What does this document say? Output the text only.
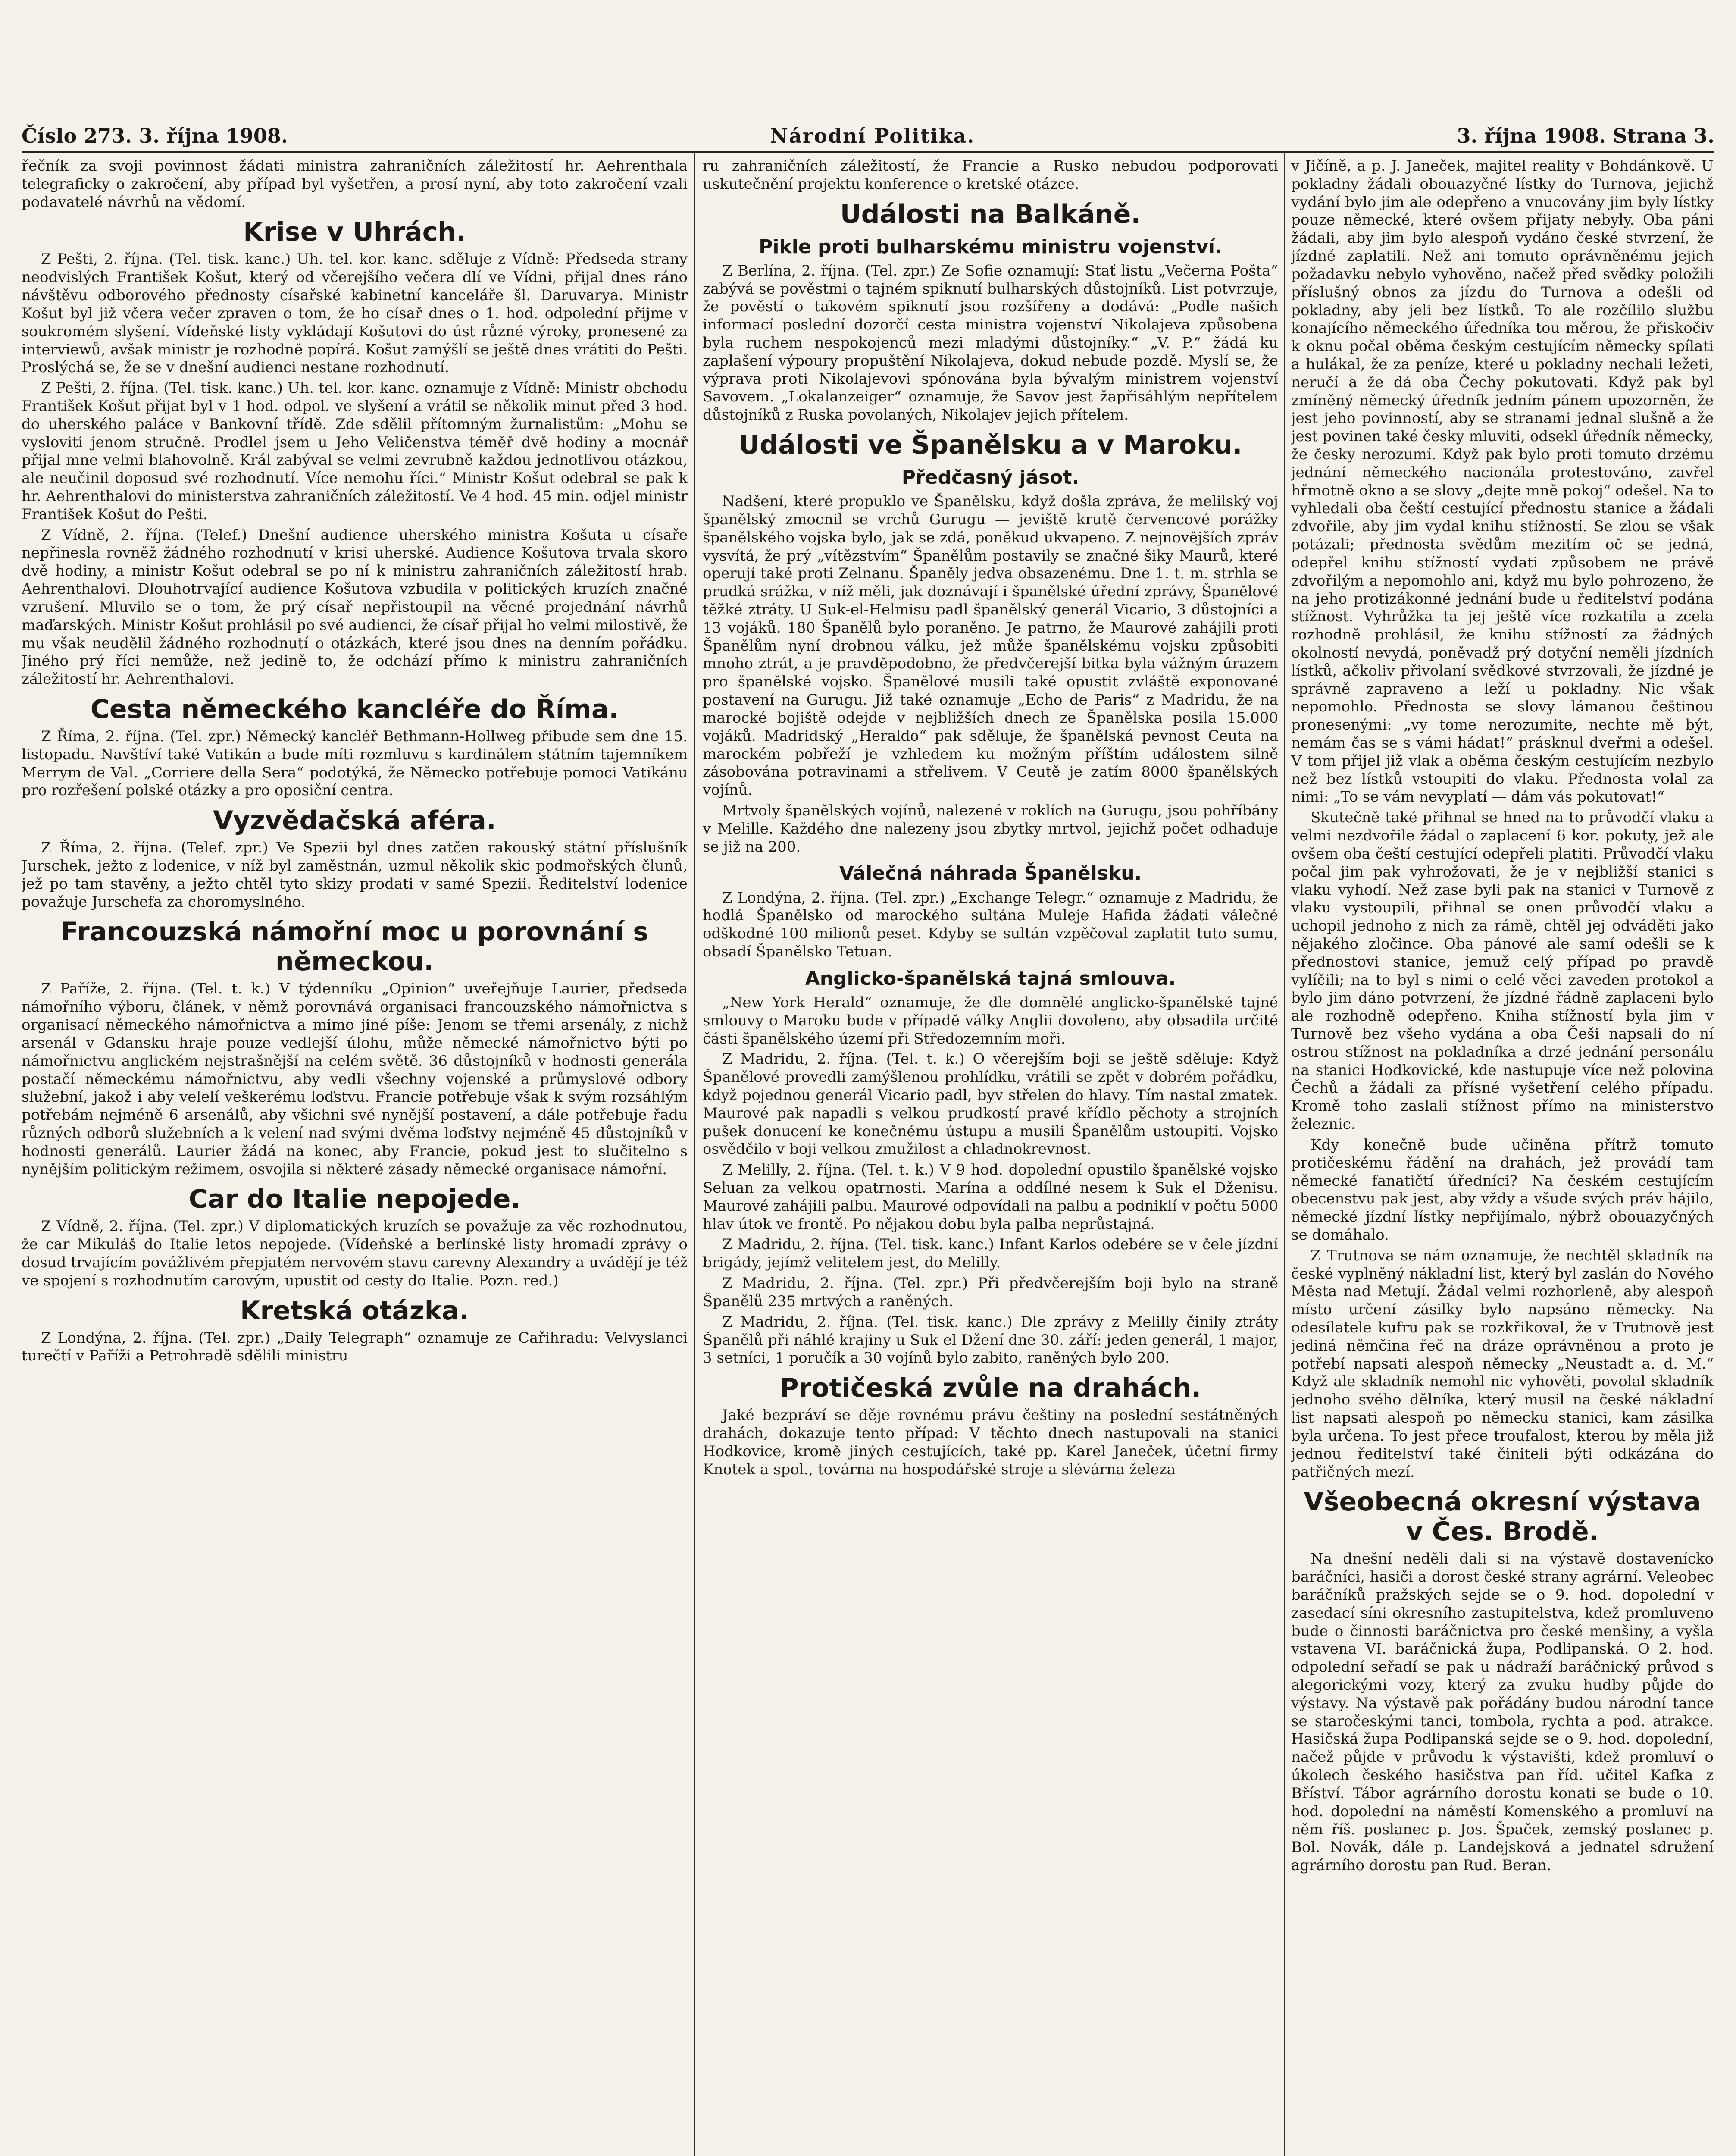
Číslo 273. 3. října 1908.	Národní Politika.	3. října 1908. Strana 3.

řečník za svoji povinnost žádati ministra zahraničních záležitostí hr. Aehrenthala telegraficky o zakročení, aby případ byl vyšetřen, a prosí nyní, aby toto zakročení vzali podavatelé návrhů na vědomí.

Krise v Uhrách.

Z Pešti, 2. října. (Tel. tisk. kanc.) Uh. tel. kor. kanc. sděluje z Vídně: Předseda strany neodvislých František Košut, který od včerejšího večera dlí ve Vídni, přijal dnes ráno návštěvu odborového přednosty císařské kabinetní kanceláře šl. Daruvarya. Ministr Košut byl již včera večer zpraven o tom, že ho císař dnes o 1. hod. odpolední přijme v soukromém slyšení. Vídeňské listy vykládají Košutovi do úst různé výroky, pronesené za interviewů, avšak ministr je rozhodně popírá. Košut zamýšlí se ještě dnes vrátiti do Pešti. Proslýchá se, že se v dnešní audienci nestane rozhodnutí.

Z Pešti, 2. října. (Tel. tisk. kanc.) Uh. tel. kor. kanc. oznamuje z Vídně: Ministr obchodu František Košut přijat byl v 1 hod. odpol. ve slyšení a vrátil se několik minut před 3 hod. do uherského paláce v Bankovní třídě. Zde sdělil přítomným žurnalistům: „Mohu se vysloviti jenom stručně. Prodlel jsem u Jeho Veličenstva téměř dvě hodiny a mocnář přijal mne velmi blahovolně. Král zabýval se velmi zevrubně každou jednotlivou otázkou, ale neučinil doposud své rozhodnutí. Více nemohu říci.“ Ministr Košut odebral se pak k hr. Aehrenthalovi do ministerstva zahraničních záležitostí. Ve 4 hod. 45 min. odjel ministr František Košut do Pešti.

Z Vídně, 2. října. (Telef.) Dnešní audience uherského ministra Košuta u císaře nepřinesla rovněž žádného rozhodnutí v krisi uherské. Audience Košutova trvala skoro dvě hodiny, a ministr Košut odebral se po ní k ministru zahraničních záležitostí hrab. Aehrenthalovi. Dlouhotrvající audience Košutova vzbudila v politických kruzích značné vzrušení. Mluvilo se o tom, že prý císař nepřistoupil na věcné projednání návrhů maďarských. Ministr Košut prohlásil po své audienci, že císař přijal ho velmi milostivě, že mu však neudělil žádného rozhodnutí o otázkách, které jsou dnes na denním pořádku. Jiného prý říci nemůže, než jedině to, že odchází přímo k ministru zahraničních záležitostí hr. Aehrenthalovi.

Cesta německého kancléře do Říma.

Z Říma, 2. října. (Tel. zpr.) Německý kancléř Bethmann-Hollweg přibude sem dne 15. listopadu. Navštíví také Vatikán a bude míti rozmluvu s kardinálem státním tajemníkem Merrym de Val. „Corriere della Sera“ podotýká, že Německo potřebuje pomoci Vatikánu pro rozřešení polské otázky a pro oposiční centra.

Vyzvědačská aféra.

Z Říma, 2. října. (Telef. zpr.) Ve Spezii byl dnes zatčen rakouský státní příslušník Jurschek, ježto z lodenice, v níž byl zaměstnán, uzmul několik skic podmořských člunů, jež po tam stavěny, a ježto chtěl tyto skizy prodati v samé Spezii. Ředitelství lodenice považuje Jurschefa za choromyslného.

Francouzská námořní moc u porovnání s německou.

Z Paříže, 2. října. (Tel. t. k.) V týdenníku „Opinion“ uveřejňuje Laurier, předseda námořního výboru, článek, v němž porovnává organisaci francouzského námořnictva s organisací německého námořnictva a mimo jiné píše: Jenom se třemi arsenály, z nichž arsenál v Gdansku hraje pouze vedlejší úlohu, může německé námořnictvo býti po námořnictvu anglickém nejstrašnější na celém světě. 36 důstojníků v hodnosti generála postačí německému námořnictvu, aby vedli všechny vojenské a průmyslové odbory služební, jakož i aby velelí veškerému loďstvu. Francie potřebuje však k svým rozsáhlým potřebám nejméně 6 arsenálů, aby všichni své nynější postavení, a dále potřebuje řadu různých odborů služebních a k velení nad svými dvěma loďstvy nejméně 45 důstojníků v hodnosti generálů. Laurier žádá na konec, aby Francie, pokud jest to slučitelno s nynějším politickým režimem, osvojila si některé zásady německé organisace námořní.

Car do Italie nepojede.

Z Vídně, 2. října. (Tel. zpr.) V diplomatických kruzích se považuje za věc rozhodnutou, že car Mikuláš do Italie letos nepojede. (Vídeňské a berlínské listy hromadí zprávy o dosud trvajícím povážlivém přepjatém nervovém stavu carevny Alexandry a uvádějí je též ve spojení s rozhodnutím carovým, upustit od cesty do Italie. Pozn. red.)

Kretská otázka.

Z Londýna, 2. října. (Tel. zpr.) „Daily Telegraph“ oznamuje ze Cařihradu: Velvyslanci turečtí v Paříži a Petrohradě sdělili ministru

ru zahraničních záležitostí, že Francie a Rusko nebudou podporovati uskutečnění projektu konference o kretské otázce.

Události na Balkáně.
Pikle proti bulharskému ministru vojenství.

Z Berlína, 2. října. (Tel. zpr.) Ze Sofie oznamují: Stať listu „Večerna Pošta“ zabývá se pověstmi o tajném spiknutí bulharských důstojníků. List potvrzuje, že pověstí o takovém spiknutí jsou rozšířeny a dodává: „Podle našich informací poslední dozorčí cesta ministra vojenství Nikolajeva způsobena byla ruchem nespokojenců mezi mladými důstojníky.“ „V. P.“ žádá ku zaplašení výpoury propuštění Nikolajeva, dokud nebude pozdě. Myslí se, že výprava proti Nikolajevovi spónována byla bývalým ministrem vojenství Savovem. „Lokalanzeiger“ oznamuje, že Savov jest žapřisáhlým nepřítelem důstojníků z Ruska povolaných, Nikolajev jejich přítelem.

Události ve Španělsku a v Maroku.
Předčasný jásot.

Nadšení, které propuklo ve Španělsku, když došla zpráva, že melilský voj španělský zmocnil se vrchů Gurugu — jeviště krutě červencové porážky španělského vojska bylo, jak se zdá, poněkud ukvapeno. Z nejnovějších zpráv vysvítá, že prý „vítězstvím“ Španělům postavily se značné šiky Maurů, které operují také proti Zelnanu. Španěly jedva obsazenému. Dne 1. t. m. strhla se prudká srážka, v níž měli, jak doznávají i španělské úřední zprávy, Španělové těžké ztráty. U Suk-el-Helmisu padl španělský generál Vicario, 3 důstojníci a 13 vojáků. 180 Španělů bylo poraněno. Je patrno, že Maurové zahájili proti Španělům nyní drobnou válku, jež může španělskému vojsku způsobiti mnoho ztrát, a je pravděpodobno, že předvčerejší bitka byla vážným úrazem pro španělské vojsko. Španělové musili také opustit zvláště exponované postavení na Gurugu. Již také oznamuje „Echo de Paris“ z Madridu, že na marocké bojiště odejde v nejbližších dnech ze Španělska posila 15.000 vojáků. Madridský „Heraldo“ pak sděluje, že španělská pevnost Ceuta na marockém pobřeží je vzhledem ku možným příštím událostem silně zásobována potravinami a střelivem. V Ceutě je zatím 8000 španělských vojínů.

Mrtvoly španělských vojínů, nalezené v roklích na Gurugu, jsou pohříbány v Melille. Každého dne nalezeny jsou zbytky mrtvol, jejichž počet odhaduje se již na 200.

Válečná náhrada Španělsku.

Z Londýna, 2. října. (Tel. zpr.) „Exchange Telegr.“ oznamuje z Madridu, že hodlá Španělsko od marockého sultána Muleje Hafida žádati válečné odškodné 100 milionů peset. Kdyby se sultán vzpěčoval zaplatit tuto sumu, obsadí Španělsko Tetuan.

Anglicko-španělská tajná smlouva.

„New York Herald“ oznamuje, že dle domnělé anglicko-španělské tajné smlouvy o Maroku bude v případě války Anglii dovoleno, aby obsadila určité části španělského území při Středozemním moři.

Z Madridu, 2. října. (Tel. t. k.) O včerejším boji se ještě sděluje: Když Španělové provedli zamýšlenou prohlídku, vrátili se zpět v dobrém pořádku, když pojednou generál Vicario padl, byv střelen do hlavy. Tím nastal zmatek. Maurové pak napadli s velkou prudkostí pravé křídlo pěchoty a strojních pušek donucení ke konečnému ústupu a musili Španělům ustoupiti. Vojsko osvědčilo v boji velkou zmužilost a chladnokrevnost.

Z Melilly, 2. října. (Tel. t. k.) V 9 hod. dopolední opustilo španělské vojsko Seluan za velkou opatrnosti. Marína a oddílné nesem k Suk el Dženisu. Maurové zahájili palbu. Maurové odpovídali na palbu a podniklí v počtu 5000 hlav útok ve frontě. Po nějakou dobu byla palba neprůstajná.

Z Madridu, 2. října. (Tel. tisk. kanc.) Infant Karlos odebére se v čele jízdní brigády, jejímž velitelem jest, do Melilly.

Z Madridu, 2. října. (Tel. zpr.) Při předvčerejším boji bylo na straně Španělů 235 mrtvých a raněných.

Z Madridu, 2. října. (Tel. tisk. kanc.) Dle zprávy z Melilly činily ztráty Španělů při náhlé krajiny u Suk el Džení dne 30. září: jeden generál, 1 major, 3 setníci, 1 poručík a 30 vojínů bylo zabito, raněných bylo 200.

Protičeská zvůle na drahách.

Jaké bezpráví se děje rovnému právu češtiny na poslední sestátněných drahách, dokazuje tento případ: V těchto dnech nastupovali na stanici Hodkovice, kromě jiných cestujících, také pp. Karel Janeček, účetní firmy Knotek a spol., továrna na hospodářské stroje a slévárna železa

v Jičíně, a p. J. Janeček, majitel reality v Bohdánkově. U pokladny žádali obouazyčné lístky do Turnova, jejichž vydání bylo jim ale odepřeno a vnucovány jim byly lístky pouze německé, které ovšem přijaty nebyly. Oba páni žádali, aby jim bylo alespoň vydáno české stvrzení, že jízdné zaplatili. Než ani tomuto oprávněnému jejich požadavku nebylo vyhověno, načež před svědky položili příslušný obnos za jízdu do Turnova a odešli od pokladny, aby jeli bez lístků. To ale rozčílilo službu konajícího německého úředníka tou měrou, že přiskočiv k oknu počal oběma českým cestujícím německy spílati a hulákal, že za peníze, které u pokladny nechali ležeti, neručí a že dá oba Čechy pokutovati. Když pak byl zmíněný německý úředník jedním pánem upozorněn, že jest jeho povinností, aby se stranami jednal slušně a že jest povinen také česky mluviti, odsekl úředník německy, že česky nerozumí. Když pak bylo proti tomuto drzému jednání německého nacionála protestováno, zavřel hřmotně okno a se slovy „dejte mně pokoj“ odešel. Na to vyhledali oba čeští cestující přednostu stanice a žádali zdvořile, aby jim vydal knihu stížností. Se zlou se však potázali; přednosta svědům mezitím oč se jedná, odepřel knihu stížností vydati způsobem ne právě zdvořilým a nepomohlo ani, když mu bylo pohrozeno, že na jeho protizákonné jednání bude u ředitelství podána stížnost. Vyhrůžka ta jej ještě více rozkatila a zcela rozhodně prohlásil, že knihu stížností za žádných okolností nevydá, poněvadž prý dotyční neměli jízdních lístků, ačkoliv přivolaní svědkové stvrzovali, že jízdné je správně zapraveno a leží u pokladny. Nic však nepomohlo. Přednosta se slovy lámanou češtinou pronesenými: „vy tome nerozumite, nechte mě být, nemám čas se s vámi hádat!“ prásknul dveřmi a odešel. V tom přijel již vlak a oběma českým cestujícím nezbylo než bez lístků vstoupiti do vlaku. Přednosta volal za nimi: „To se vám nevyplatí — dám vás pokutovat!“

Skutečně také přihnal se hned na to průvodčí vlaku a velmi nezdvořile žádal o zaplacení 6 kor. pokuty, jež ale ovšem oba čeští cestující odepřeli platiti. Průvodčí vlaku počal jim pak vyhrožovati, že je v nejbližší stanici s vlaku vyhodí. Než zase byli pak na stanici v Turnově z vlaku vystoupili, přihnal se onen průvodčí vlaku a uchopil jednoho z nich za rámě, chtěl jej odváděti jako nějakého zločince. Oba pánové ale samí odešli se k přednostovi stanice, jemuž celý případ po pravdě vylíčili; na to byl s nimi o celé věci zaveden protokol a bylo jim dáno potvrzení, že jízdné řádně zaplaceni bylo ale rozhodně odepřeno. Kniha stížností byla jim v Turnově bez všeho vydána a oba Češi napsali do ní ostrou stížnost na pokladníka a drzé jednání personálu na stanici Hodkovické, kde nastupuje více než polovina Čechů a žádali za přísné vyšetření celého případu. Kromě toho zaslali stížnost přímo na ministerstvo železnic.

Kdy konečně bude učiněna přítrž tomuto protičeskému řádění na drahách, jež provádí tam německé fanatičtí úředníci? Na českém cestujícím obecenstvu pak jest, aby vždy a všude svých práv hájilo, německé jízdní lístky nepřijímalo, nýbrž obouazyčných se domáhalo.

Z Trutnova se nám oznamuje, že nechtěl skladník na české vyplněný nákladní list, který byl zaslán do Nového Města nad Metují. Žádal velmi rozhorleně, aby alespoň místo určení zásilky bylo napsáno německy. Na odesílatele kufru pak se rozkřikoval, že v Trutnově jest jediná němčina řeč na dráze oprávněnou a proto je potřebí napsati alespoň německy „Neustadt a. d. M.“ Když ale skladník nemohl nic vyhověti, povolal skladník jednoho svého dělníka, který musil na české nákladní list napsati alespoň po německu stanici, kam zásilka byla určena. To jest přece troufalost, kterou by měla již jednou ředitelství také činiteli býti odkázána do patřičných mezí.

Všeobecná okresní výstava v Čes. Brodě.

Na dnešní neděli dali si na výstavě dostavenícko baráčníci, hasiči a dorost české strany agrární. Veleobec baráčníků pražských sejde se o 9. hod. dopolední v zasedací síni okresního zastupitelstva, kdež promluveno bude o činnosti baráčnictva pro české menšiny, a vyšla vstavena VI. baráčnická župa, Podlipanská. O 2. hod. odpolední seřadí se pak u nádraží baráčnický průvod s alegorickými vozy, který za zvuku hudby půjde do výstavy. Na výstavě pak pořádány budou národní tance se staročeskými tanci, tombola, rychta a pod. atrakce. Hasičská župa Podlipanská sejde se o 9. hod. dopolední, načež půjde v průvodu k výstavišti, kdež promluví o úkolech českého hasičstva pan říd. učitel Kafka z Bříství. Tábor agrárního dorostu konati se bude o 10. hod. dopolední na náměstí Komenského a promluví na něm říš. poslanec p. Jos. Špaček, zemský poslanec p. Bol. Novák, dále p. Landejsková a jednatel sdružení agrárního dorostu pan Rud. Beran.
